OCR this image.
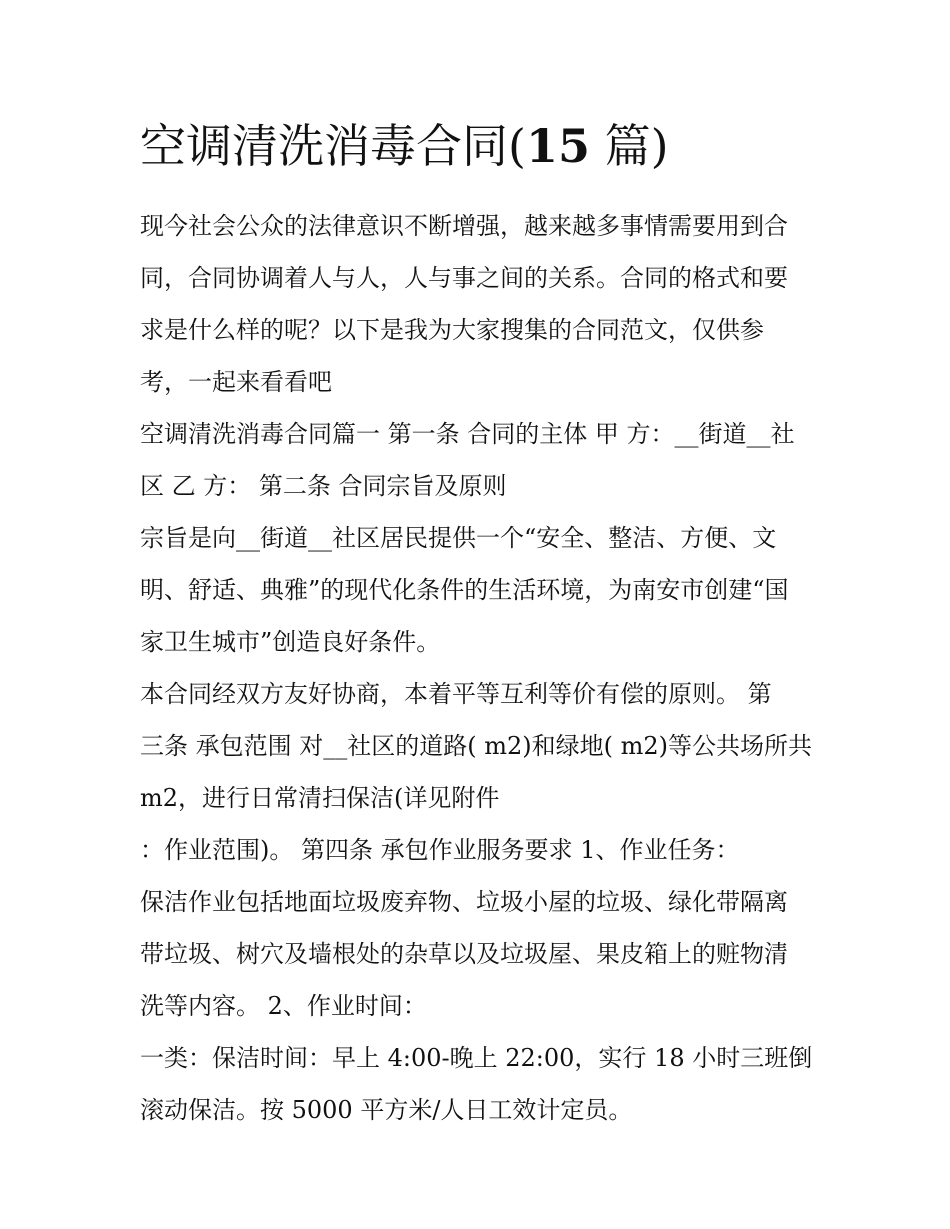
空调清洗消毒合同(15 篇)
现今社会公众的法律意识不断增强，越来越多事情需要用到合
同，合同协调着人与人，人与事之间的关系。合同的格式和要
求是什么样的呢？以下是我为大家搜集的合同范文，仅供参
考，一起来看看吧
空调清洗消毒合同篇一 第一条 合同的主体 甲 方：__街道__社
区 乙 方： 第二条 合同宗旨及原则
宗旨是向__街道__社区居民提供一个“安全、整洁、方便、文
明、舒适、典雅”的现代化条件的生活环境，为南安市创建“国
家卫生城市”创造良好条件。
本合同经双方友好协商，本着平等互利等价有偿的原则。 第
三条 承包范围 对__社区的道路( m2)和绿地( m2)等公共场所共
m2，进行日常清扫保洁(详见附件
：作业范围)。 第四条 承包作业服务要求 1、作业任务：
保洁作业包括地面垃圾废弃物、垃圾小屋的垃圾、绿化带隔离
带垃圾、树穴及墙根处的杂草以及垃圾屋、果皮箱上的赃物清
洗等内容。 2、作业时间：
一类：保洁时间：早上 4:00-晚上 22:00，实行 18 小时三班倒
滚动保洁。按 5000 平方米/人日工效计定员。
